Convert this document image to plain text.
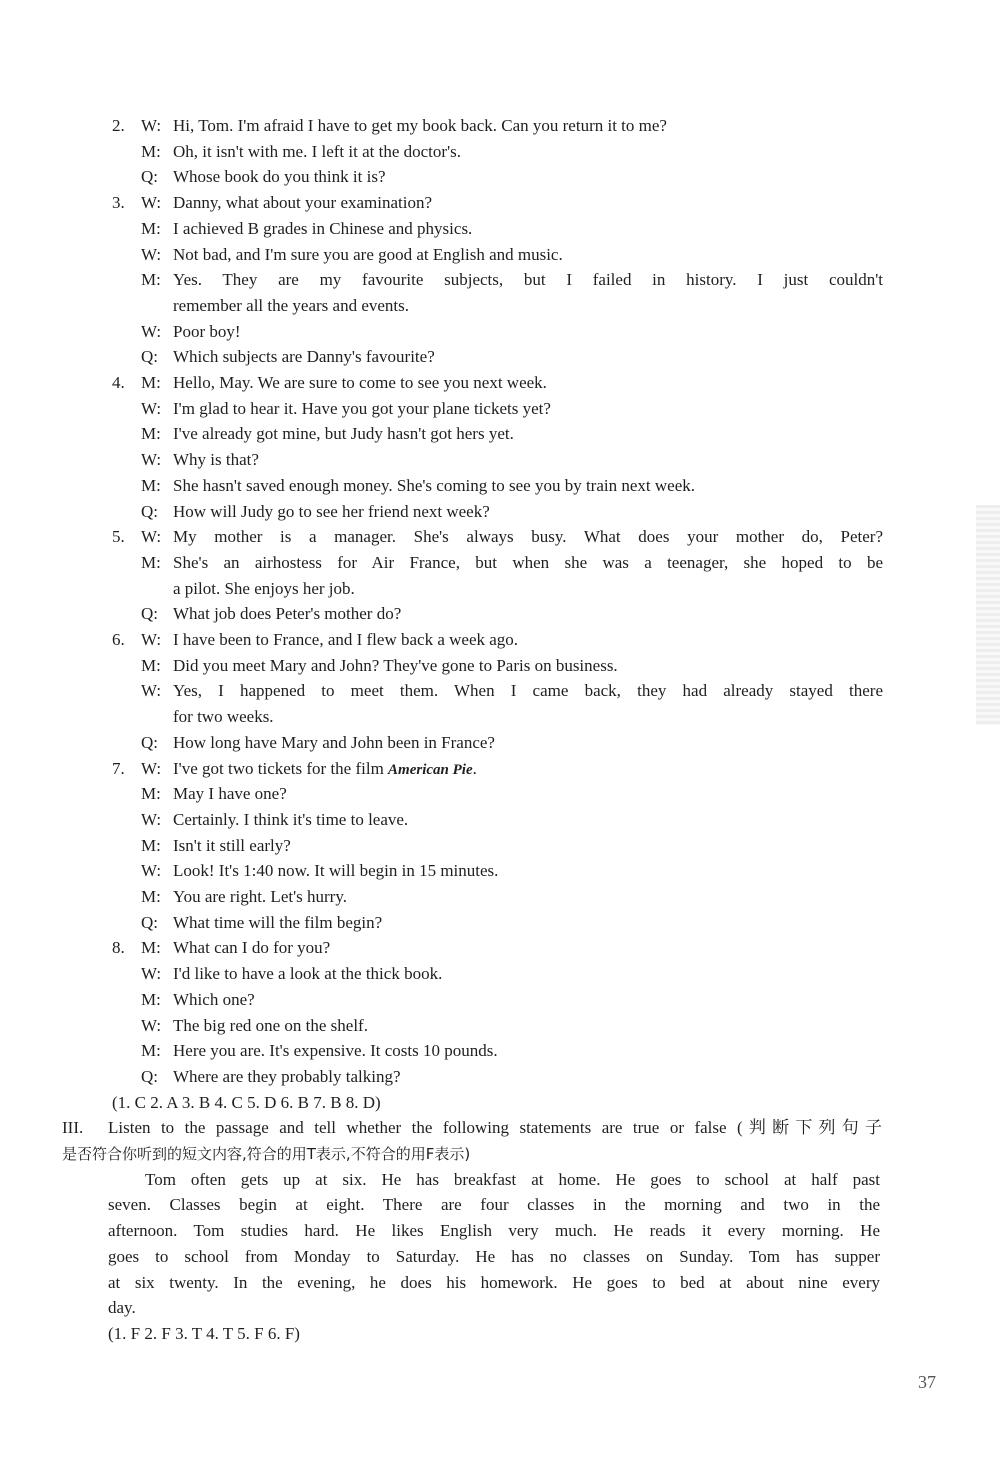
2. W: Hi, Tom. I'm afraid I have to get my book back. Can you return it to me?
M: Oh, it isn't with me. I left it at the doctor's.
Q: Whose book do you think it is?
3. W: Danny, what about your examination?
M: I achieved B grades in Chinese and physics.
W: Not bad, and I'm sure you are good at English and music.
M: Yes. They are my favourite subjects, but I failed in history. I just couldn't
remember all the years and events.
W: Poor boy!
Q: Which subjects are Danny's favourite?
4. M: Hello, May. We are sure to come to see you next week.
W: I'm glad to hear it. Have you got your plane tickets yet?
M: I've already got mine, but Judy hasn't got hers yet.
W: Why is that?
M: She hasn't saved enough money. She's coming to see you by train next week.
Q: How will Judy go to see her friend next week?
5. W: My mother is a manager. She's always busy. What does your mother do, Peter?
M: She's an airhostess for Air France, but when she was a teenager, she hoped to be
a pilot. She enjoys her job.
Q: What job does Peter's mother do?
6. W: I have been to France, and I flew back a week ago.
M: Did you meet Mary and John? They've gone to Paris on business.
W: Yes, I happened to meet them. When I came back, they had already stayed there
for two weeks.
Q: How long have Mary and John been in France?
7. W: I've got two tickets for the film American Pie.
M: May I have one?
W: Certainly. I think it's time to leave.
M: Isn't it still early?
W: Look! It's 1:40 now. It will begin in 15 minutes.
M: You are right. Let's hurry.
Q: What time will the film begin?
8. M: What can I do for you?
W: I'd like to have a look at the thick book.
M: Which one?
W: The big red one on the shelf.
M: Here you are. It's expensive. It costs 10 pounds.
Q: Where are they probably talking?
(1. C 2. A 3. B 4. C 5. D 6. B 7. B 8. D)
III. Listen to the passage and tell whether the following statements are true or false (判断下列句子
是否符合你听到的短文内容,符合的用T表示,不符合的用F表示)
Tom often gets up at six. He has breakfast at home. He goes to school at half past
seven. Classes begin at eight. There are four classes in the morning and two in the
afternoon. Tom studies hard. He likes English very much. He reads it every morning. He
goes to school from Monday to Saturday. He has no classes on Sunday. Tom has supper
at six twenty. In the evening, he does his homework. He goes to bed at about nine every
day.
(1. F 2. F 3. T 4. T 5. F 6. F)
37
